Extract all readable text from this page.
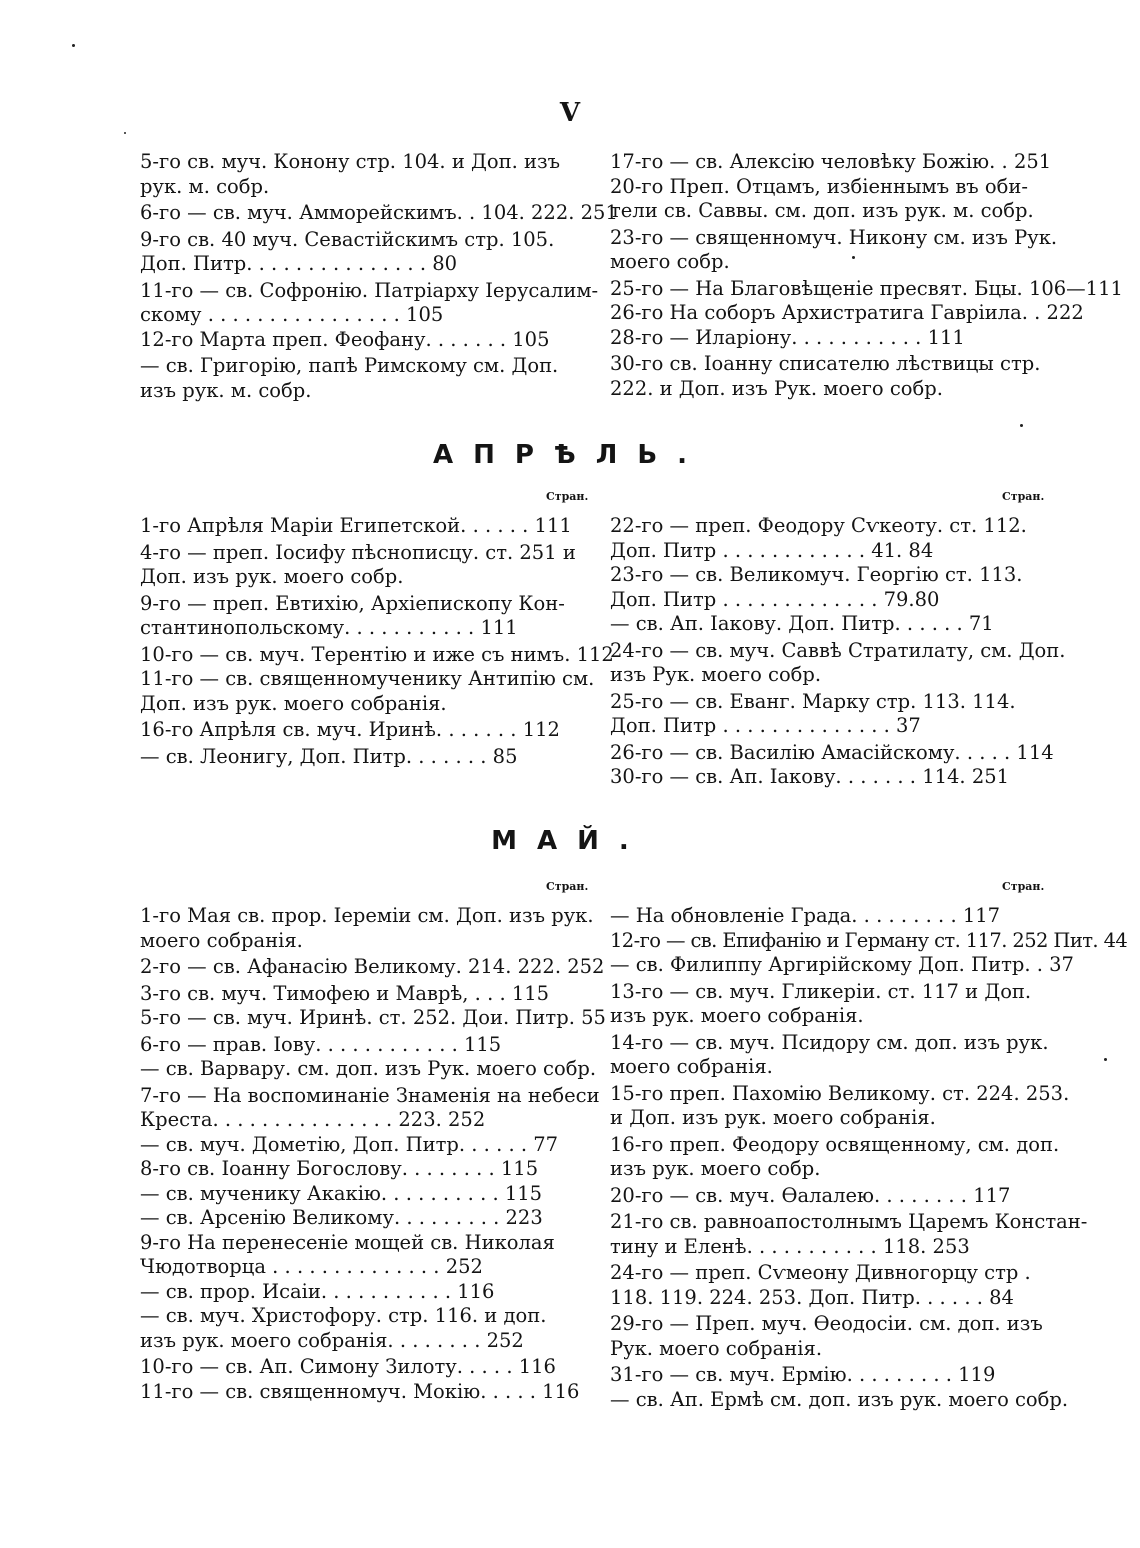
V
5-го св. муч. Конону стр. 104. и Доп. изъ
рук. м. собр.
6-го — св. муч. Амморейскимъ. . 104. 222. 251
9-го св. 40 муч. Севастійскимъ стр. 105.
Доп. Питр. . . . . . . . . . . . . . . 80
11-го — св. Софронію. Патріарху Іерусалим-
скому . . . . . . . . . . . . . . . . 105
12-го Марта преп. Феофану. . . . . . . 105
— св. Григорію, папѣ Римскому см. Доп.
изъ рук. м. собр.
17-го — св. Алексію человѣку Божію. . 251
20-го Преп. Отцамъ, избіеннымъ въ оби-
тели св. Саввы. см. доп. изъ рук. м. собр.
23-го — священномуч. Никону см. изъ Рук.
моего собр.
25-го — На Благовѣщеніе пресвят. Бцы. 106—111
26-го На соборъ Архистратига Гавріила. . 222
28-го — Иларіону. . . . . . . . . . . 111
30-го св. Іоанну списателю лѣствицы стр.
222. и Доп. изъ Рук. моего собр.
АПРѢЛЬ.
Стран.	Стран.
1-го Апрѣля Маріи Египетской. . . . . . 111
4-го — преп. Іосифу пѣснописцу. ст. 251 и
Доп. изъ рук. моего собр.
9-го — преп. Евтихію, Архіепископу Кон-
стантинопольскому. . . . . . . . . . . 111
10-го — св. муч. Терентію и иже съ нимъ. 112
11-го — св. священномученику Антипію см.
Доп. изъ рук. моего собранія.
16-го Апрѣля св. муч. Иринѣ. . . . . . . 112
— св. Леонигу, Доп. Питр. . . . . . . 85
22-го — преп. Феодору Сѵкеоту. ст. 112.
Доп. Питр . . . . . . . . . . . . 41. 84
23-го — св. Великомуч. Георгію ст. 113.
Доп. Питр . . . . . . . . . . . . . 79.80
— св. Ап. Іакову. Доп. Питр. . . . . . 71
24-го — св. муч. Саввѣ Стратилату, см. Доп.
изъ Рук. моего собр.
25-го — св. Еванг. Марку стр. 113. 114.
Доп. Питр . . . . . . . . . . . . . . 37
26-го — св. Василію Амасійскому. . . . . 114
30-го — св. Ап. Іакову. . . . . . . 114. 251
МАЙ.
Стран.	Стран.
1-го Мая св. прор. Іереміи см. Доп. изъ рук.
моего собранія.
2-го — св. Афанасію Великому. 214. 222. 252
3-го св. муч. Тимофею и Маврѣ, . . . 115
5-го — св. муч. Иринѣ. ст. 252. Дои. Питр. 55
6-го — прав. Іову. . . . . . . . . . . . 115
— св. Варвару. см. доп. изъ Рук. моего собр.
7-го — На воспоминаніе Знаменія на небеси
Креста. . . . . . . . . . . . . . . 223. 252
— св. муч. Дометію, Доп. Питр. . . . . . 77
8-го св. Іоанну Богослову. . . . . . . . 115
— св. мученику Акакію. . . . . . . . . . 115
— св. Арсенію Великому. . . . . . . . . 223
9-го На перенесеніе мощей св. Николая
Чюдотворца . . . . . . . . . . . . . . 252
— св. прор. Исаіи. . . . . . . . . . . 116
— св. муч. Христофору. стр. 116. и доп.
изъ рук. моего собранія. . . . . . . . 252
10-го — св. Ап. Симону Зилоту. . . . . 116
11-го — св. священномуч. Мокію. . . . . 116
— На обновленіе Града. . . . . . . . . 117
12-го — св. Епифанію и Герману ст. 117. 252 Пит. 44
— св. Филиппу Аргирійскому Доп. Питр. . 37
13-го — св. муч. Гликеріи. ст. 117 и Доп.
изъ рук. моего собранія.
14-го — св. муч. Псидору см. доп. изъ рук.
моего собранія.
15-го преп. Пахомію Великому. ст. 224. 253.
и Доп. изъ рук. моего собранія.
16-го преп. Феодору освященному, см. доп.
изъ рук. моего собр.
20-го — св. муч. Ѳалалею. . . . . . . . 117
21-го св. равноапостолнымъ Царемъ Констан-
тину и Еленѣ. . . . . . . . . . . 118. 253
24-го — преп. Сѵмеону Дивногорцу стр .
118. 119. 224. 253. Доп. Питр. . . . . . 84
29-го — Преп. муч. Ѳеодосіи. см. доп. изъ
Рук. моего собранія.
31-го — св. муч. Ермію. . . . . . . . . 119
— св. Ап. Ермѣ см. доп. изъ рук. моего собр.
